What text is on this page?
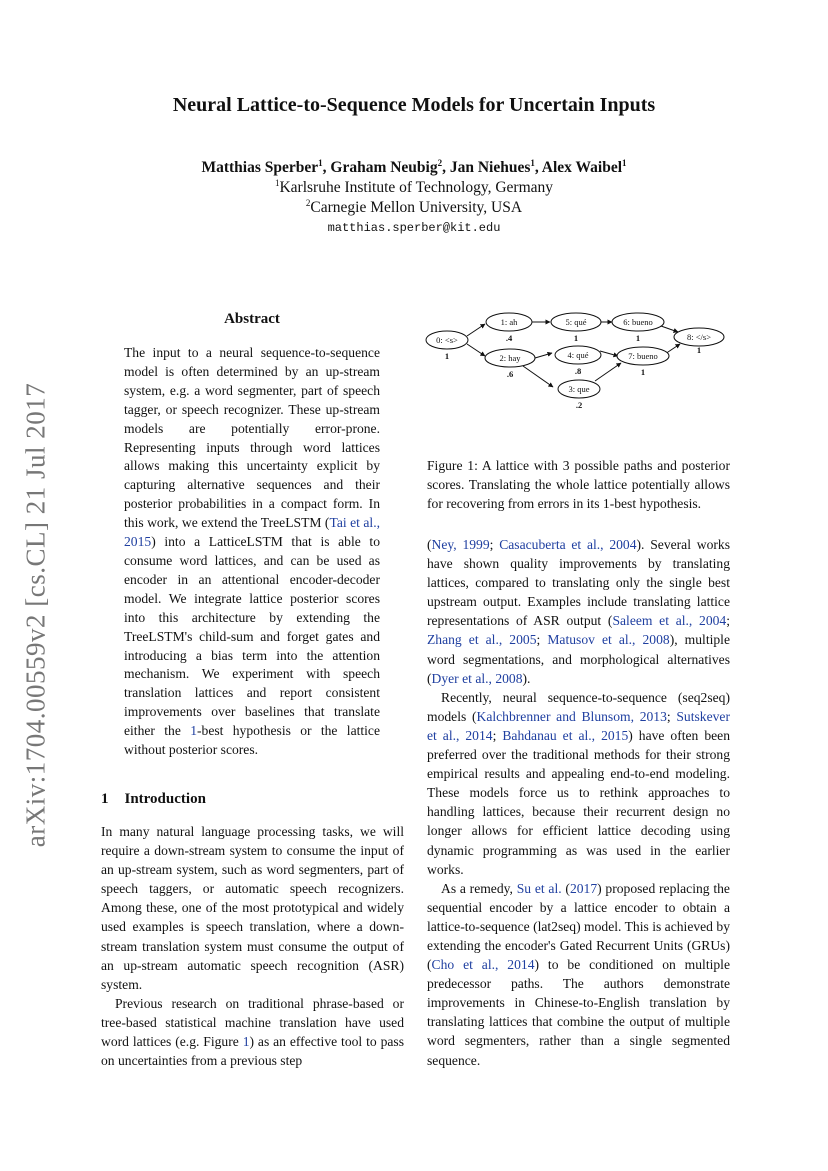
arXiv:1704.00559v2 [cs.CL] 21 Jul 2017
Neural Lattice-to-Sequence Models for Uncertain Inputs
Matthias Sperber$^1$, Graham Neubig$^2$, Jan Niehues$^1$, Alex Waibel$^1$
$^1$Karlsruhe Institute of Technology, Germany
$^2$Carnegie Mellon University, USA
matthias.sperber@kit.edu
Abstract
The input to a neural sequence-to-sequence model is often determined by an up-stream system, e.g. a word segmenter, part of speech tagger, or speech recognizer. These up-stream models are potentially error-prone. Representing inputs through word lattices allows making this uncertainty explicit by capturing alternative sequences and their posterior probabilities in a compact form. In this work, we extend the TreeLSTM (Tai et al., 2015) into a LatticeLSTM that is able to consume word lattices, and can be used as encoder in an attentional encoder-decoder model. We integrate lattice posterior scores into this architecture by extending the TreeLSTM's child-sum and forget gates and introducing a bias term into the attention mechanism. We experiment with speech translation lattices and report consistent improvements over baselines that translate either the 1-best hypothesis or the lattice without posterior scores.
1 Introduction

In many natural language processing tasks, we will require a down-stream system to consume the input of an up-stream system, such as word segmenters, part of speech taggers, or automatic speech recognizers. Among these, one of the most prototypical and widely used examples is speech translation, where a down-stream translation system must consume the output of an up-stream automatic speech recognition (ASR) system.

Previous research on traditional phrase-based or tree-based statistical machine translation have used word lattices (e.g. Figure 1) as an effective tool to pass on uncertainties from a previous step

0: <s>
1: ah
2: hay
5: qué
4: qué
3: que
6: bueno
7: bueno
8: </s>
1
.4
.6
1
.8
.2
1
1
1
Figure 1: A lattice with 3 possible paths and posterior scores. Translating the whole lattice potentially allows for recovering from errors in its 1-best hypothesis.

(Ney, 1999; Casacuberta et al., 2004). Several works have shown quality improvements by translating lattices, compared to translating only the single best upstream output. Examples include translating lattice representations of ASR output (Saleem et al., 2004; Zhang et al., 2005; Matusov et al., 2008), multiple word segmentations, and morphological alternatives (Dyer et al., 2008).

Recently, neural sequence-to-sequence (seq2seq) models (Kalchbrenner and Blunsom, 2013; Sutskever et al., 2014; Bahdanau et al., 2015) have often been preferred over the traditional methods for their strong empirical results and appealing end-to-end modeling. These models force us to rethink approaches to handling lattices, because their recurrent design no longer allows for efficient lattice decoding using dynamic programming as was used in the earlier works.

As a remedy, Su et al. (2017) proposed replacing the sequential encoder by a lattice encoder to obtain a lattice-to-sequence (lat2seq) model. This is achieved by extending the encoder's Gated Recurrent Units (GRUs) (Cho et al., 2014) to be conditioned on multiple predecessor paths. The authors demonstrate improvements in Chinese-to-English translation by translating lattices that combine the output of multiple word segmenters, rather than a single segmented sequence.
